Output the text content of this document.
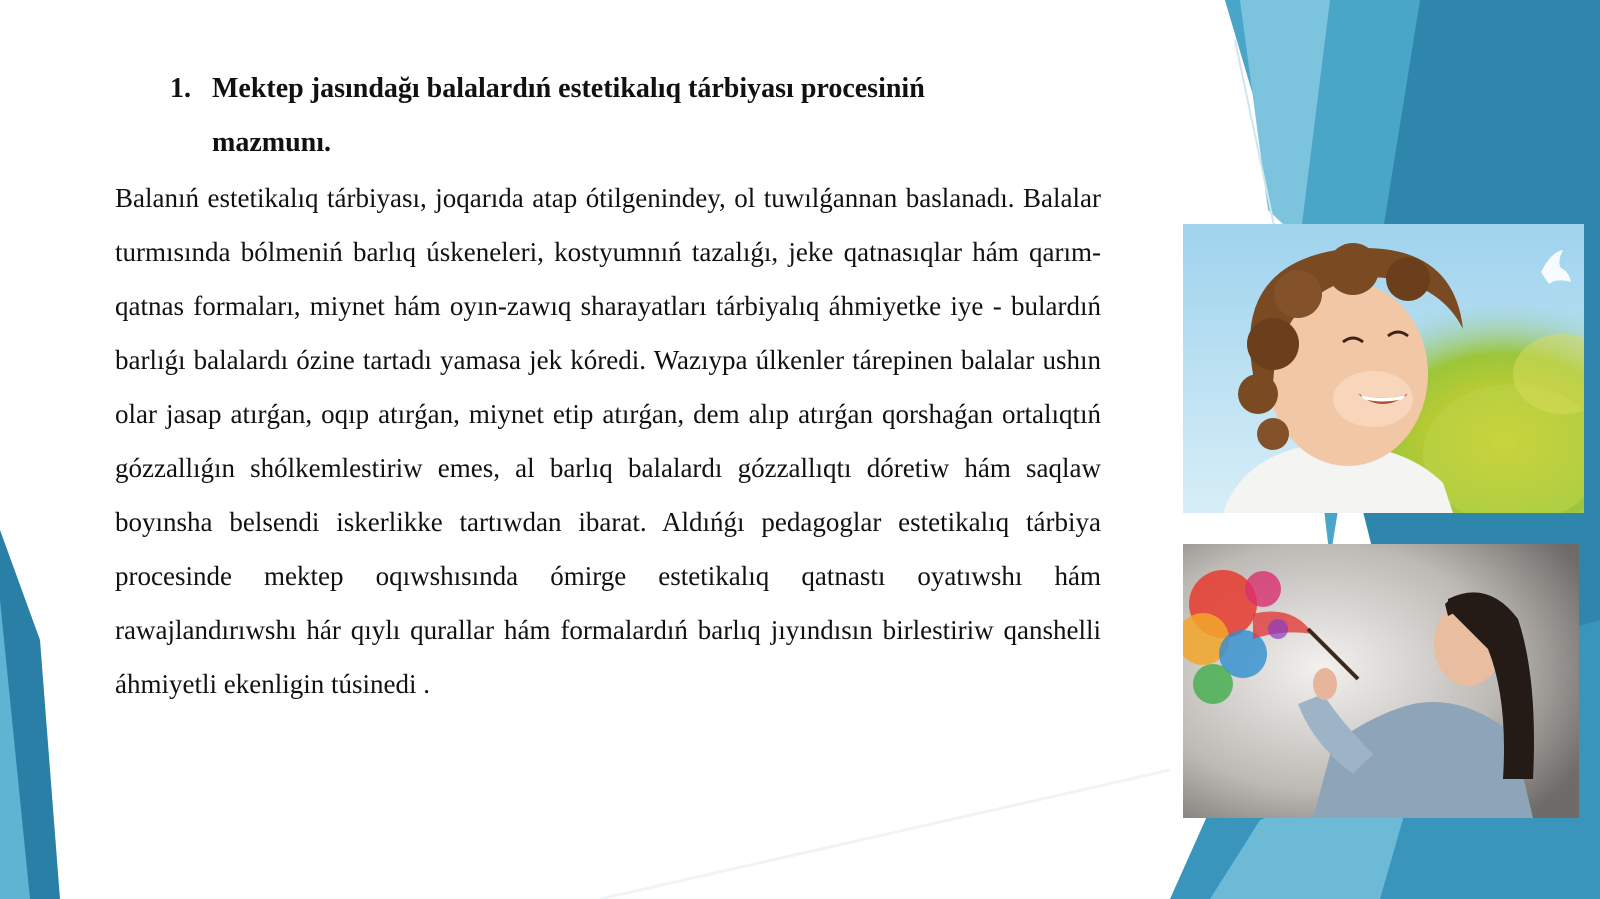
1. Mektep jasındağı balalardıń estetikalıq tárbiyası procesiniń mazmunı.

Balanıń estetikalıq tárbiyası, joqarıda atap ótilgenindey, ol tuwılǵannan baslanadı. Balalar turmısında bólmeniń barlıq úskeneleri, kostyumnıń tazalıǵı, jeke qatnasıqlar hám qarım-qatnas formaları, miynet hám oyın-zawıq sharayatları tárbiyalıq áhmiyetke iye - bulardıń barlıǵı balalardı ózine tartadı yamasa jek kóredi. Wazıypa úlkenler tárepinen balalar ushın olar jasap atırǵan, oqıp atırǵan, miynet etip atırǵan, dem alıp atırǵan qorshaǵan ortalıqtıń gózzallıǵın shólkemlestiriw emes, al barlıq balalardı gózzallıqtı dóretiw hám saqlaw boyınsha belsendi iskerlikke tartıwdan ibarat. Aldıńǵı pedagoglar estetikalıq tárbiya procesinde mektep oqıwshısında ómirge estetikalıq qatnastı oyatıwshı hám rawajlandırıwshı hár qıylı qurallar hám formalardıń barlıq jıyındısın birlestiriw qanshelli áhmiyetli ekenligin túsinedi .
